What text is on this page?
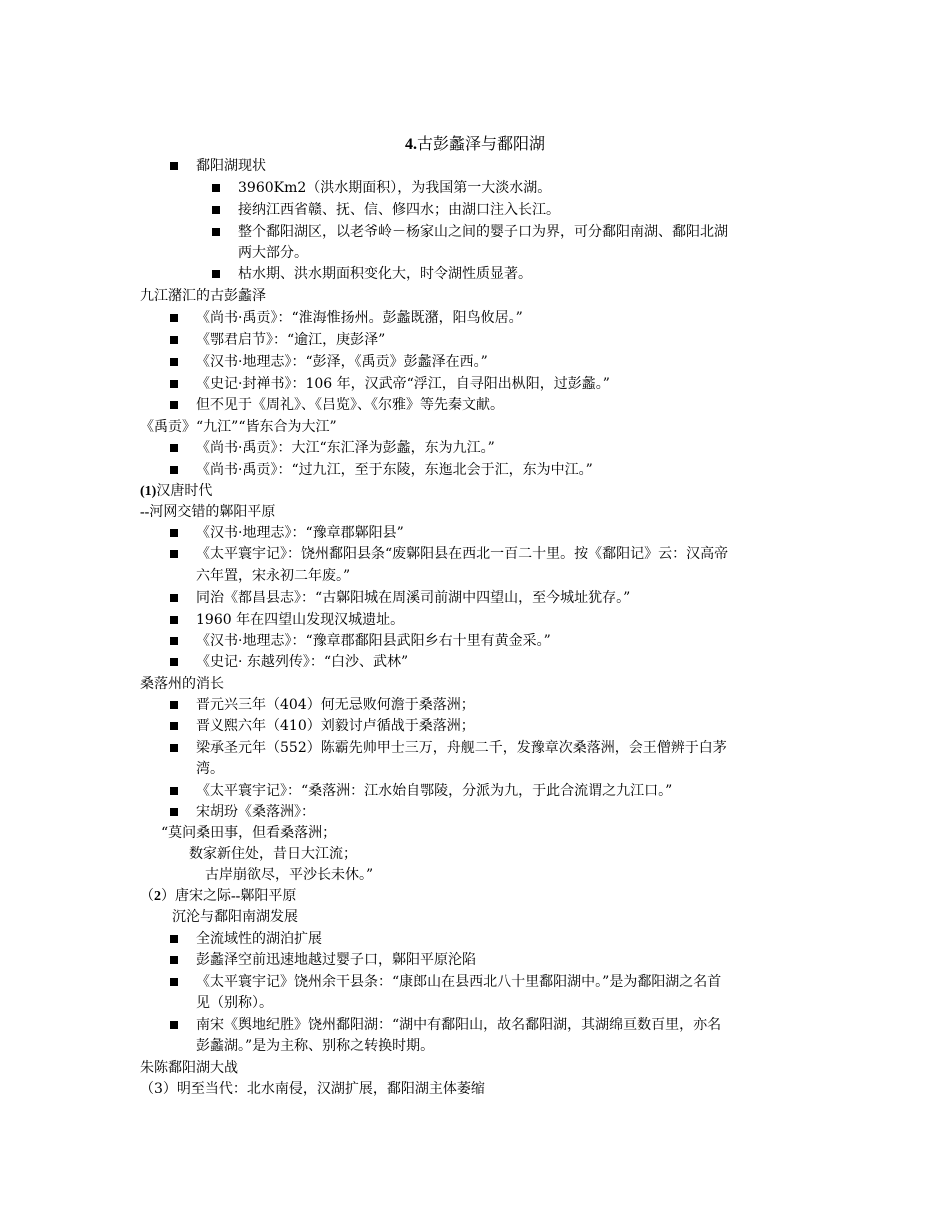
4.古彭蠡泽与鄱阳湖
鄱阳湖现状
3960Km2（洪水期面积），为我国第一大淡水湖。
接纳江西省赣、抚、信、修四水；由湖口注入长江。
整个鄱阳湖区，以老爷岭－杨家山之间的婴子口为界，可分鄱阳南湖、鄱阳北湖
两大部分。
枯水期、洪水期面积变化大，时令湖性质显著。
九江潴汇的古彭蠡泽
《尚书·禹贡》：“淮海惟扬州。彭蠡既潴，阳鸟攸居。”
《鄂君启节》：“逾江，庚彭泽”
《汉书·地理志》：“彭泽，《禹贡》彭蠡泽在西。”
《史记·封禅书》：106 年，汉武帝“浮江，自寻阳出枞阳，过彭蠡。”
但不见于《周礼》、《吕览》、《尔雅》等先秦文献。
《禹贡》“九江”“皆东合为大江”
《尚书·禹贡》：大江“东汇泽为彭蠡，东为九江。”
《尚书·禹贡》：“过九江，至于东陵，东迤北会于汇，东为中江。”
(1)汉唐时代
--河网交错的鄡阳平原
《汉书·地理志》：“豫章郡鄡阳县”
《太平寰宇记》：饶州鄱阳县条“废鄡阳县在西北一百二十里。按《鄱阳记》云：汉高帝
六年置，宋永初二年废。”
同治《都昌县志》：“古鄡阳城在周溪司前湖中四望山，至今城址犹存。”
1960 年在四望山发现汉城遗址。
《汉书·地理志》：“豫章郡鄱阳县武阳乡右十里有黄金采。”
《史记· 东越列传》：“白沙、武林”
桑落州的消长
晋元兴三年（404）何无忌败何澹于桑落洲；
晋义熙六年（410）刘毅讨卢循战于桑落洲；
梁承圣元年（552）陈霸先帅甲士三万，舟舰二千，发豫章次桑落洲，会王僧辨于白茅
湾。
《太平寰宇记》：“桑落洲：江水始自鄂陵，分派为九，于此合流谓之九江口。”
宋胡玢《桑落洲》：
“莫问桑田事，但看桑落洲；
数家新住处，昔日大江流；
古岸崩欲尽，平沙长未休。”
（2）唐宋之际--鄡阳平原
沉沦与鄱阳南湖发展
全流域性的湖泊扩展
彭蠡泽空前迅速地越过婴子口，鄡阳平原沦陷
《太平寰宇记》饶州余干县条：“康郎山在县西北八十里鄱阳湖中。”是为鄱阳湖之名首
见（别称）。
南宋《舆地纪胜》饶州鄱阳湖：“湖中有鄱阳山，故名鄱阳湖，其湖绵亘数百里，亦名
彭蠡湖。”是为主称、别称之转换时期。
朱陈鄱阳湖大战
（3）明至当代：北水南侵，汉湖扩展，鄱阳湖主体萎缩
